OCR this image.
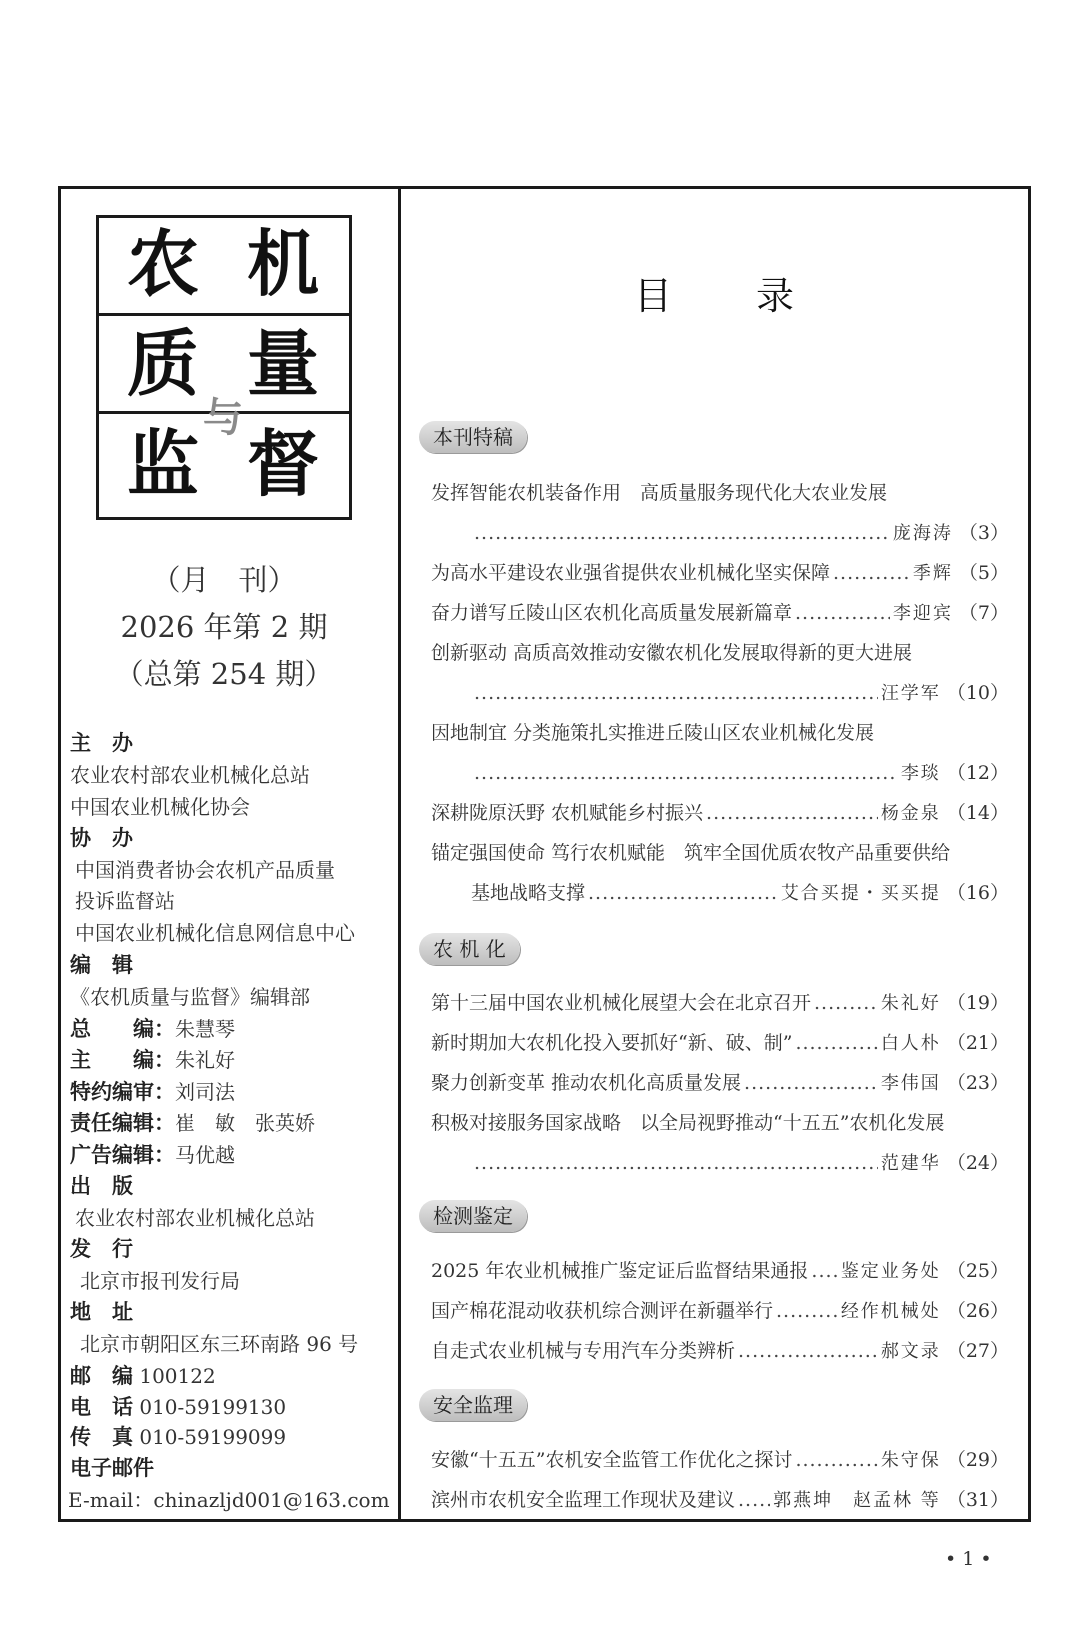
农 机
质 量
监 督
与
（月　刊）
2026 年第 2 期
（总第 254 期）
主　办
农业农村部农业机械化总站
中国农业机械化协会
协　办
中国消费者协会农机产品质量
投诉监督站
中国农业机械化信息网信息中心
编　辑
《农机质量与监督》编辑部
总　　编：朱慧琴
主　　编：朱礼好
特约编审：刘司法
责任编辑：崔　敏　张英娇
广告编辑：马优越
出　版
农业农村部农业机械化总站
发　行
北京市报刊发行局
地　址
北京市朝阳区东三环南路 96 号
邮　编 100122
电　话 010-59199130
传　真 010-59199099
电子邮件
E-mail：chinazljd001@163.com
目 录
本刊特稿
发挥智能农机装备作用　高质量服务现代化大农业发展
.....
庞海涛 （3）
为高水平建设农业强省提供农业机械化坚实保障 .....	季辉 （5）
奋力谱写丘陵山区农机化高质量发展新篇章 .....	李迎宾 （7）
创新驱动 高质高效推动安徽农机化发展取得新的更大进展
.....
汪学军 （10）
因地制宜 分类施策扎实推进丘陵山区农业机械化发展
.....
李琰 （12）
深耕陇原沃野 农机赋能乡村振兴 .....	杨金泉 （14）
锚定强国使命 笃行农机赋能　筑牢全国优质农牧产品重要供给
基地战略支撑 .....	艾合买提・买买提 （16）
农 机 化
第十三届中国农业机械化展望大会在北京召开 .....	朱礼好 （19）
新时期加大农机化投入要抓好“新、破、制” .....	白人朴 （21）
聚力创新变革 推动农机化高质量发展 .....	李伟国 （23）
积极对接服务国家战略　以全局视野推动“十五五”农机化发展
.....
范建华 （24）
检测鉴定
2025 年农业机械推广鉴定证后监督结果通报 ..... 鉴定业务处 （25）
国产棉花混动收获机综合测评在新疆举行 .....	经作机械处 （26）
自走式农业机械与专用汽车分类辨析 .....	郝文录 （27）
安全监理
安徽“十五五”农机安全监管工作优化之探讨 .....	朱守保 （29）
滨州市农机安全监理工作现状及建议 ..... 郭燕坤　赵孟林 等 （31）
• 1 •
